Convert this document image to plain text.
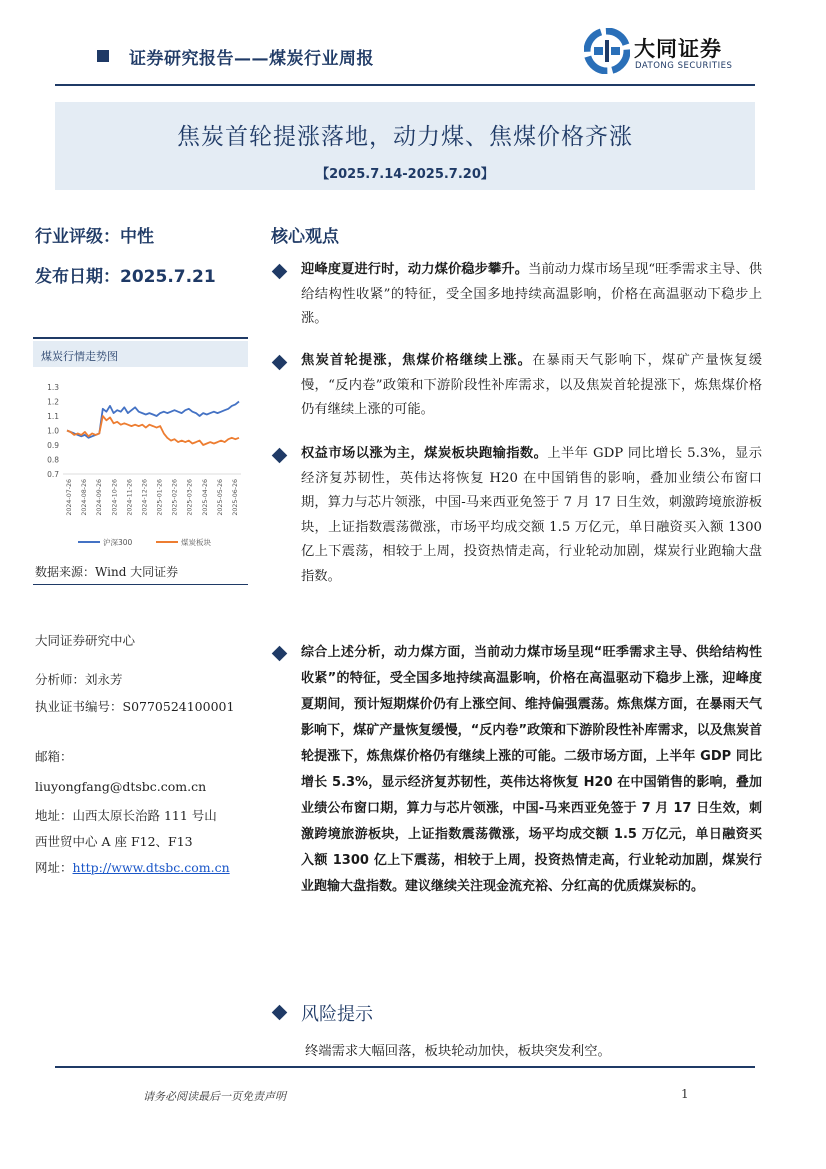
证券研究报告——煤炭行业周报	大同证券
DATONG SECURITIES
焦炭首轮提涨落地，动力煤、焦煤价格齐涨
【2025.7.14-2025.7.20】
行业评级：中性
发布日期：2025.7.21
煤炭行情走势图
1.3
1.2
1.1
1.0
0.9
0.8
0.7
2024-07-26 2024-08-26 2024-09-26 2024-10-26 2024-11-26 2024-12-26 2025-01-26 2025-02-26 2025-03-26 2025-04-26 2025-05-26 2025-06-26
沪深300	煤炭板块
数据来源：Wind 大同证券
大同证券研究中心
分析师：刘永芳
执业证书编号：S0770524100001
邮箱：
liuyongfang@dtsbc.com.cn
地址：山西太原长治路 111 号山
西世贸中心 A 座 F12、F13
网址：http://www.dtsbc.com.cn
核心观点
迎峰度夏进行时，动力煤价稳步攀升。当前动力煤市场呈现“旺季需求主导、供给结构性收紧”的特征，受全国多地持续高温影响，价格在高温驱动下稳步上涨。
焦炭首轮提涨，焦煤价格继续上涨。在暴雨天气影响下，煤矿产量恢复缓慢，“反内卷”政策和下游阶段性补库需求，以及焦炭首轮提涨下，炼焦煤价格仍有继续上涨的可能。
权益市场以涨为主，煤炭板块跑输指数。上半年 GDP 同比增长 5.3%，显示经济复苏韧性，英伟达将恢复 H20 在中国销售的影响，叠加业绩公布窗口期，算力与芯片领涨，中国-马来西亚免签于 7 月 17 日生效，刺激跨境旅游板块，上证指数震荡微涨，市场平均成交额 1.5 万亿元，单日融资买入额 1300 亿上下震荡，相较于上周，投资热情走高，行业轮动加剧，煤炭行业跑输大盘指数。
综合上述分析，动力煤方面，当前动力煤市场呈现“旺季需求主导、供给结构性收紧”的特征，受全国多地持续高温影响，价格在高温驱动下稳步上涨，迎峰度夏期间，预计短期煤价仍有上涨空间、维持偏强震荡。炼焦煤方面，在暴雨天气影响下，煤矿产量恢复缓慢，“反内卷”政策和下游阶段性补库需求，以及焦炭首轮提涨下，炼焦煤价格仍有继续上涨的可能。二级市场方面，上半年 GDP 同比增长 5.3%，显示经济复苏韧性，英伟达将恢复 H20 在中国销售的影响，叠加业绩公布窗口期，算力与芯片领涨，中国-马来西亚免签于 7 月 17 日生效，刺激跨境旅游板块，上证指数震荡微涨，场平均成交额 1.5 万亿元，单日融资买入额 1300 亿上下震荡，相较于上周，投资热情走高，行业轮动加剧，煤炭行业跑输大盘指数。建议继续关注现金流充裕、分红高的优质煤炭标的。
风险提示
终端需求大幅回落，板块轮动加快，板块突发利空。
请务必阅读最后一页免责声明	1
